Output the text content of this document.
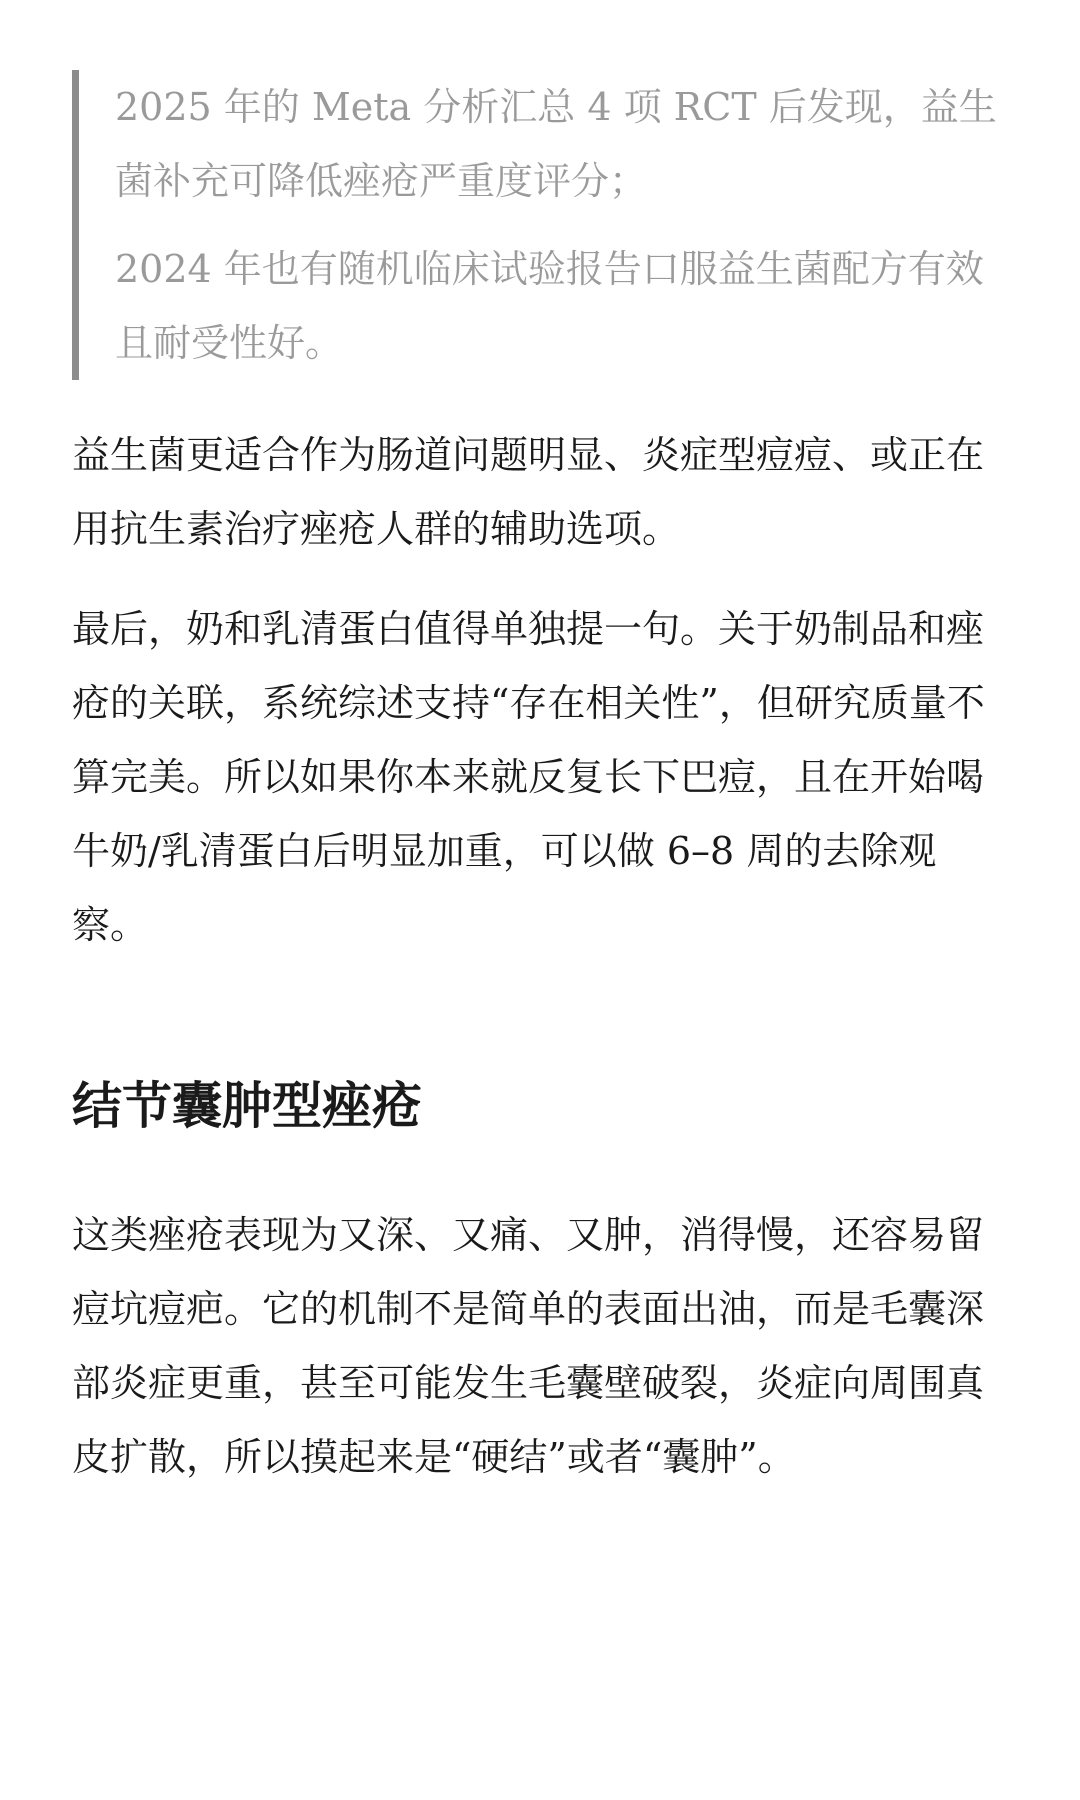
2025 年的 Meta 分析汇总 4 项 RCT 后发现，益生菌补充可降低痤疮严重度评分；

2024 年也有随机临床试验报告口服益生菌配方有效且耐受性好。

益生菌更适合作为肠道问题明显、炎症型痘痘、或正在用抗生素治疗痤疮人群的辅助选项。

最后，奶和乳清蛋白值得单独提一句。关于奶制品和痤疮的关联，系统综述支持“存在相关性”，但研究质量不算完美。所以如果你本来就反复长下巴痘，且在开始喝牛奶/乳清蛋白后明显加重，可以做 6–8 周的去除观察。

结节囊肿型痤疮

这类痤疮表现为又深、又痛、又肿，消得慢，还容易留痘坑痘疤。它的机制不是简单的表面出油，而是毛囊深部炎症更重，甚至可能发生毛囊壁破裂，炎症向周围真皮扩散，所以摸起来是“硬结”或者“囊肿”。
